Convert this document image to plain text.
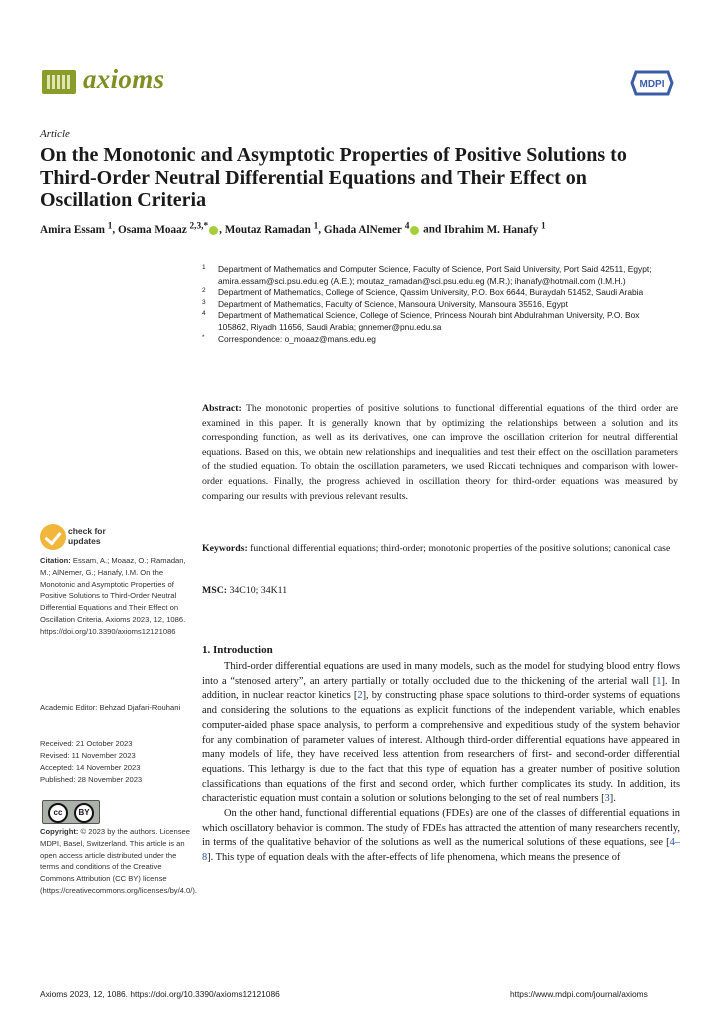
axioms	MDPI
Article
On the Monotonic and Asymptotic Properties of Positive Solutions to Third-Order Neutral Differential Equations and Their Effect on Oscillation Criteria
Amira Essam $^1$, Osama Moaaz $^{2,3,*}$ , Moutaz Ramadan $^1$, Ghada AlNemer $^4$ and Ibrahim M. Hanafy $^1$
1 Department of Mathematics and Computer Science, Faculty of Science, Port Said University, Port Said 42511, Egypt; amira.essam@sci.psu.edu.eg (A.E.); moutaz_ramadan@sci.psu.edu.eg (M.R.); ihanafy@hotmail.com (I.M.H.)
2 Department of Mathematics, College of Science, Qassim University, P.O. Box 6644, Buraydah 51452, Saudi Arabia
3 Department of Mathematics, Faculty of Science, Mansoura University, Mansoura 35516, Egypt
4 Department of Mathematical Science, College of Science, Princess Nourah bint Abdulrahman University, P.O. Box 105862, Riyadh 11656, Saudi Arabia; gnnemer@pnu.edu.sa
* Correspondence: o_moaaz@mans.edu.eg
Abstract: The monotonic properties of positive solutions to functional differential equations of the third order are examined in this paper. It is generally known that by optimizing the relationships between a solution and its corresponding function, as well as its derivatives, one can improve the oscillation criterion for neutral differential equations. Based on this, we obtain new relationships and inequalities and test their effect on the oscillation parameters of the studied equation. To obtain the oscillation parameters, we used Riccati techniques and comparison with lower-order equations. Finally, the progress achieved in oscillation theory for third-order equations was measured by comparing our results with previous relevant results.
Keywords: functional differential equations; third-order; monotonic properties of the positive solutions; canonical case
MSC: 34C10; 34K11
check for updates
Citation: Essam, A.; Moaaz, O.; Ramadan, M.; AlNemer, G.; Hanafy, I.M. On the Monotonic and Asymptotic Properties of Positive Solutions to Third-Order Neutral Differential Equations and Their Effect on Oscillation Criteria. Axioms 2023, 12, 1086. https://doi.org/10.3390/axioms12121086
Academic Editor: Behzad Djafari-Rouhani
Received: 21 October 2023
Revised: 11 November 2023
Accepted: 14 November 2023
Published: 28 November 2023
cc	BY
Copyright: © 2023 by the authors. Licensee MDPI, Basel, Switzerland. This article is an open access article distributed under the terms and conditions of the Creative Commons Attribution (CC BY) license (https://creativecommons.org/licenses/by/4.0/).
1. Introduction

Third-order differential equations are used in many models, such as the model for studying blood entry flows into a “stenosed artery”, an artery partially or totally occluded due to the thickening of the arterial wall [1]. In addition, in nuclear reactor kinetics [2], by constructing phase space solutions to third-order systems of equations and considering the solutions to the equations as explicit functions of the independent variable, which enables computer-aided phase space analysis, to perform a comprehensive and expeditious study of the system behavior for any combination of parameter values of interest. Although third-order differential equations have appeared in many models of life, they have received less attention from researchers of first- and second-order differential equations. This lethargy is due to the fact that this type of equation has a greater number of positive solution classifications than equations of the first and second order, which further complicates its study. In addition, its characteristic equation must contain a solution or solutions belonging to the set of real numbers [3].

On the other hand, functional differential equations (FDEs) are one of the classes of differential equations in which oscillatory behavior is common. The study of FDEs has attracted the attention of many researchers recently, in terms of the qualitative behavior of the solutions as well as the numerical solutions of these equations, see [4–8]. This type of equation deals with the after-effects of life phenomena, which means the presence of

Axioms 2023, 12, 1086. https://doi.org/10.3390/axioms12121086	https://www.mdpi.com/journal/axioms
